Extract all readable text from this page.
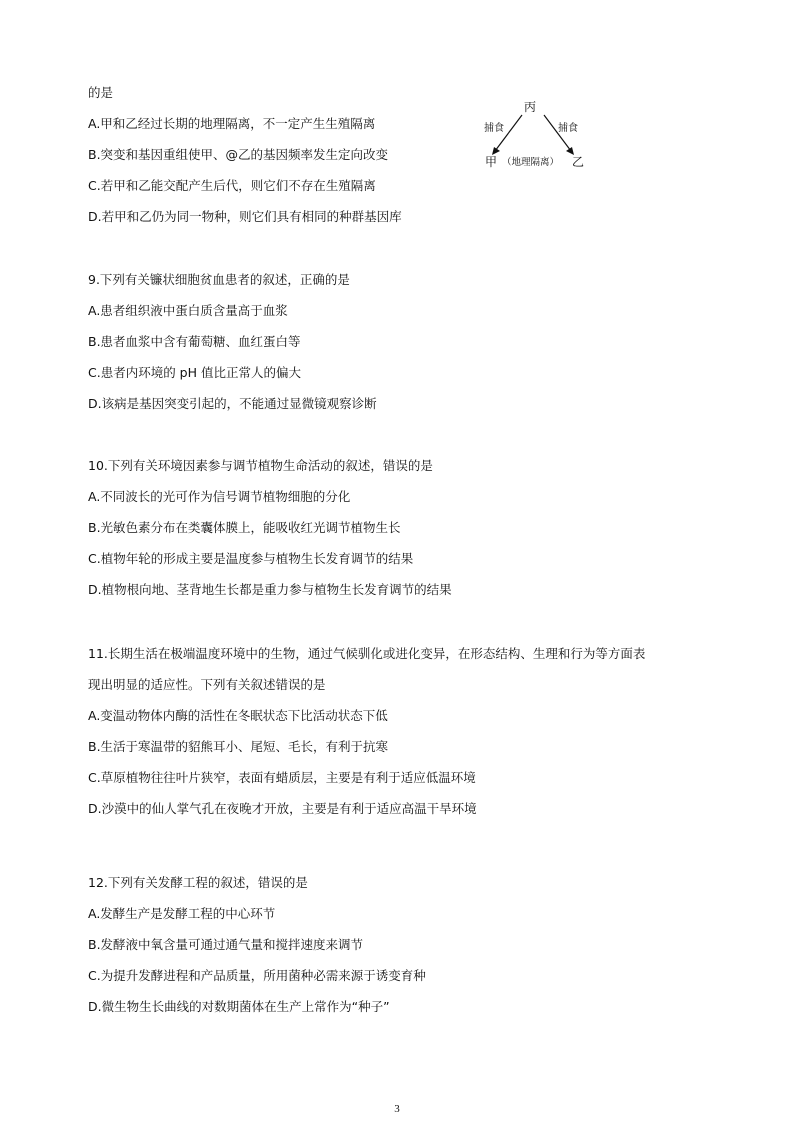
的是
A.甲和乙经过长期的地理隔离，不一定产生生殖隔离
B.突变和基因重组使甲、@乙的基因频率发生定向改变
C.若甲和乙能交配产生后代，则它们不存在生殖隔离
D.若甲和乙仍为同一物种，则它们具有相同的种群基因库
丙
捕食	捕食
甲 （地理隔离） 乙
9.下列有关镰状细胞贫血患者的叙述，正确的是
A.患者组织液中蛋白质含量高于血浆
B.患者血浆中含有葡萄糖、血红蛋白等
C.患者内环境的 pH 值比正常人的偏大
D.该病是基因突变引起的，不能通过显微镜观察诊断
10.下列有关环境因素参与调节植物生命活动的叙述，错误的是
A.不同波长的光可作为信号调节植物细胞的分化
B.光敏色素分布在类囊体膜上，能吸收红光调节植物生长
C.植物年轮的形成主要是温度参与植物生长发育调节的结果
D.植物根向地、茎背地生长都是重力参与植物生长发育调节的结果
11.长期生活在极端温度环境中的生物，通过气候驯化或进化变异，在形态结构、生理和行为等方面表
现出明显的适应性。下列有关叙述错误的是
A.变温动物体内酶的活性在冬眠状态下比活动状态下低
B.生活于寒温带的貂熊耳小、尾短、毛长，有利于抗寒
C.草原植物往往叶片狭窄，表面有蜡质层，主要是有利于适应低温环境
D.沙漠中的仙人掌气孔在夜晚才开放，主要是有利于适应高温干旱环境
12.下列有关发酵工程的叙述，错误的是
A.发酵生产是发酵工程的中心环节
B.发酵液中氧含量可通过通气量和搅拌速度来调节
C.为提升发酵进程和产品质量，所用菌种必需来源于诱变育种
D.微生物生长曲线的对数期菌体在生产上常作为“种子”
3
